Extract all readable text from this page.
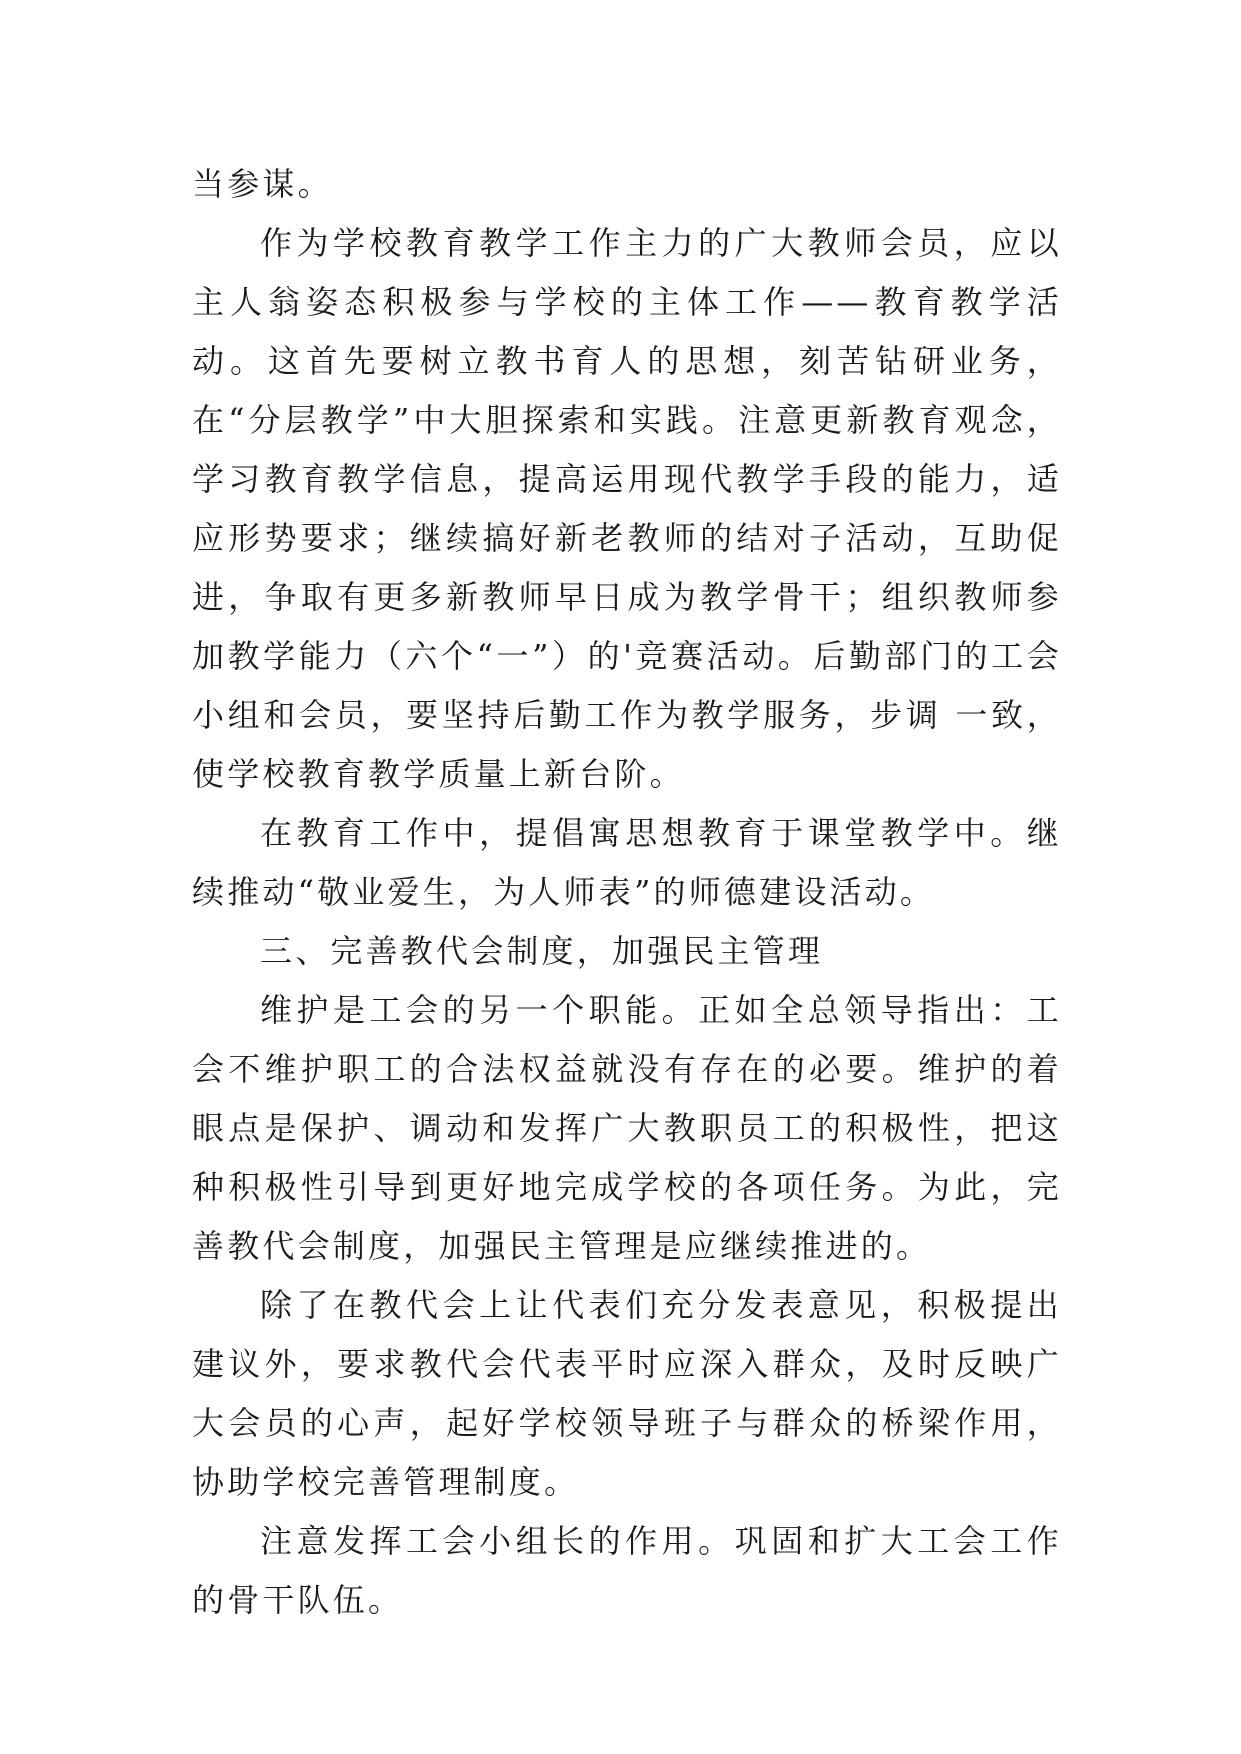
当参谋。

作为学校教育教学工作主力的广大教师会员，应以主人翁姿态积极参与学校的主体工作——教育教学活动。这首先要树立教书育人的思想，刻苦钻研业务，在“分层教学”中大胆探索和实践。注意更新教育观念，学习教育教学信息，提高运用现代教学手段的能力，适应形势要求；继续搞好新老教师的结对子活动，互助促进，争取有更多新教师早日成为教学骨干；组织教师参加教学能力（六个“一”）的'竞赛活动。后勤部门的工会小组和会员，要坚持后勤工作为教学服务，步调 一致，使学校教育教学质量上新台阶。

在教育工作中，提倡寓思想教育于课堂教学中。继续推动“敬业爱生，为人师表”的师德建设活动。

三、完善教代会制度，加强民主管理

维护是工会的另一个职能。正如全总领导指出：工会不维护职工的合法权益就没有存在的必要。维护的着眼点是保护、调动和发挥广大教职员工的积极性，把这种积极性引导到更好地完成学校的各项任务。为此，完善教代会制度，加强民主管理是应继续推进的。

除了在教代会上让代表们充分发表意见，积极提出建议外，要求教代会代表平时应深入群众，及时反映广大会员的心声，起好学校领导班子与群众的桥梁作用，协助学校完善管理制度。

注意发挥工会小组长的作用。巩固和扩大工会工作的骨干队伍。
